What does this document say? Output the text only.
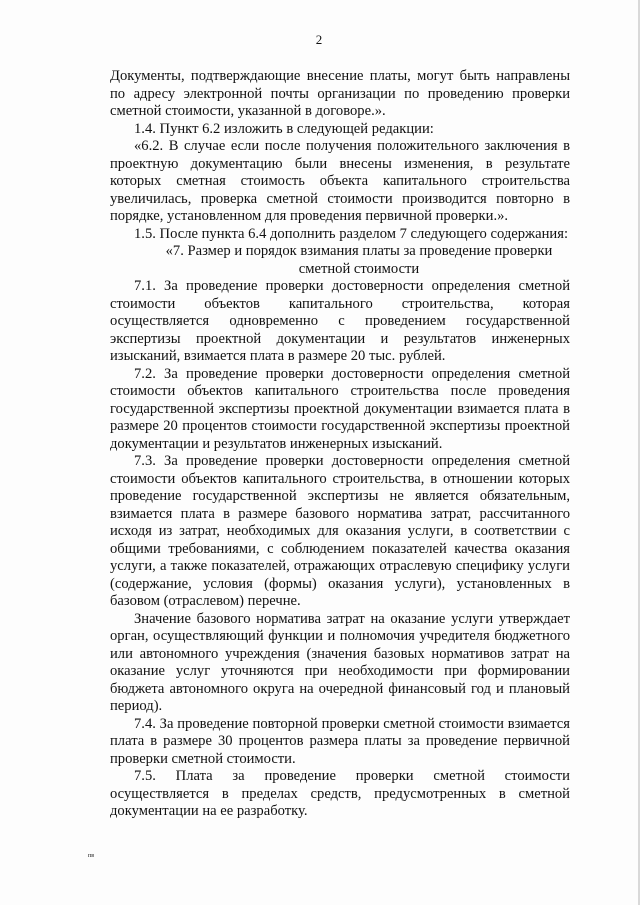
2

Документы, подтверждающие внесение платы, могут быть направлены по адресу электронной почты организации по проведению проверки сметной стоимости, указанной в договоре.».

1.4. Пункт 6.2 изложить в следующей редакции:

«6.2. В случае если после получения положительного заключения в проектную документацию были внесены изменения, в результате которых сметная стоимость объекта капитального строительства увеличилась, проверка сметной стоимости производится повторно в порядке, установленном для проведения первичной проверки.».

1.5. После пункта 6.4 дополнить разделом 7 следующего содержания:

«7. Размер и порядок взимания платы за проведение проверки сметной стоимости

7.1. За проведение проверки достоверности определения сметной стоимости объектов капитального строительства, которая осуществляется одновременно с проведением государственной экспертизы проектной документации и результатов инженерных изысканий, взимается плата в размере 20 тыс. рублей.

7.2. За проведение проверки достоверности определения сметной стоимости объектов капитального строительства после проведения государственной экспертизы проектной документации взимается плата в размере 20 процентов стоимости государственной экспертизы проектной документации и результатов инженерных изысканий.

7.3. За проведение проверки достоверности определения сметной стоимости объектов капитального строительства, в отношении которых проведение государственной экспертизы не является обязательным, взимается плата в размере базового норматива затрат, рассчитанного исходя из затрат, необходимых для оказания услуги, в соответствии с общими требованиями, с соблюдением показателей качества оказания услуги, а также показателей, отражающих отраслевую специфику услуги (содержание, условия (формы) оказания услуги), установленных в базовом (отраслевом) перечне.

Значение базового норматива затрат на оказание услуги утверждает орган, осуществляющий функции и полномочия учредителя бюджетного или автономного учреждения (значения базовых нормативов затрат на оказание услуг уточняются при необходимости при формировании бюджета автономного округа на очередной финансовый год и плановый период).

7.4. За проведение повторной проверки сметной стоимости взимается плата в размере 30 процентов размера платы за проведение первичной проверки сметной стоимости.

7.5. Плата за проведение проверки сметной стоимости осуществляется в пределах средств, предусмотренных в сметной документации на ее разработку.

пв
